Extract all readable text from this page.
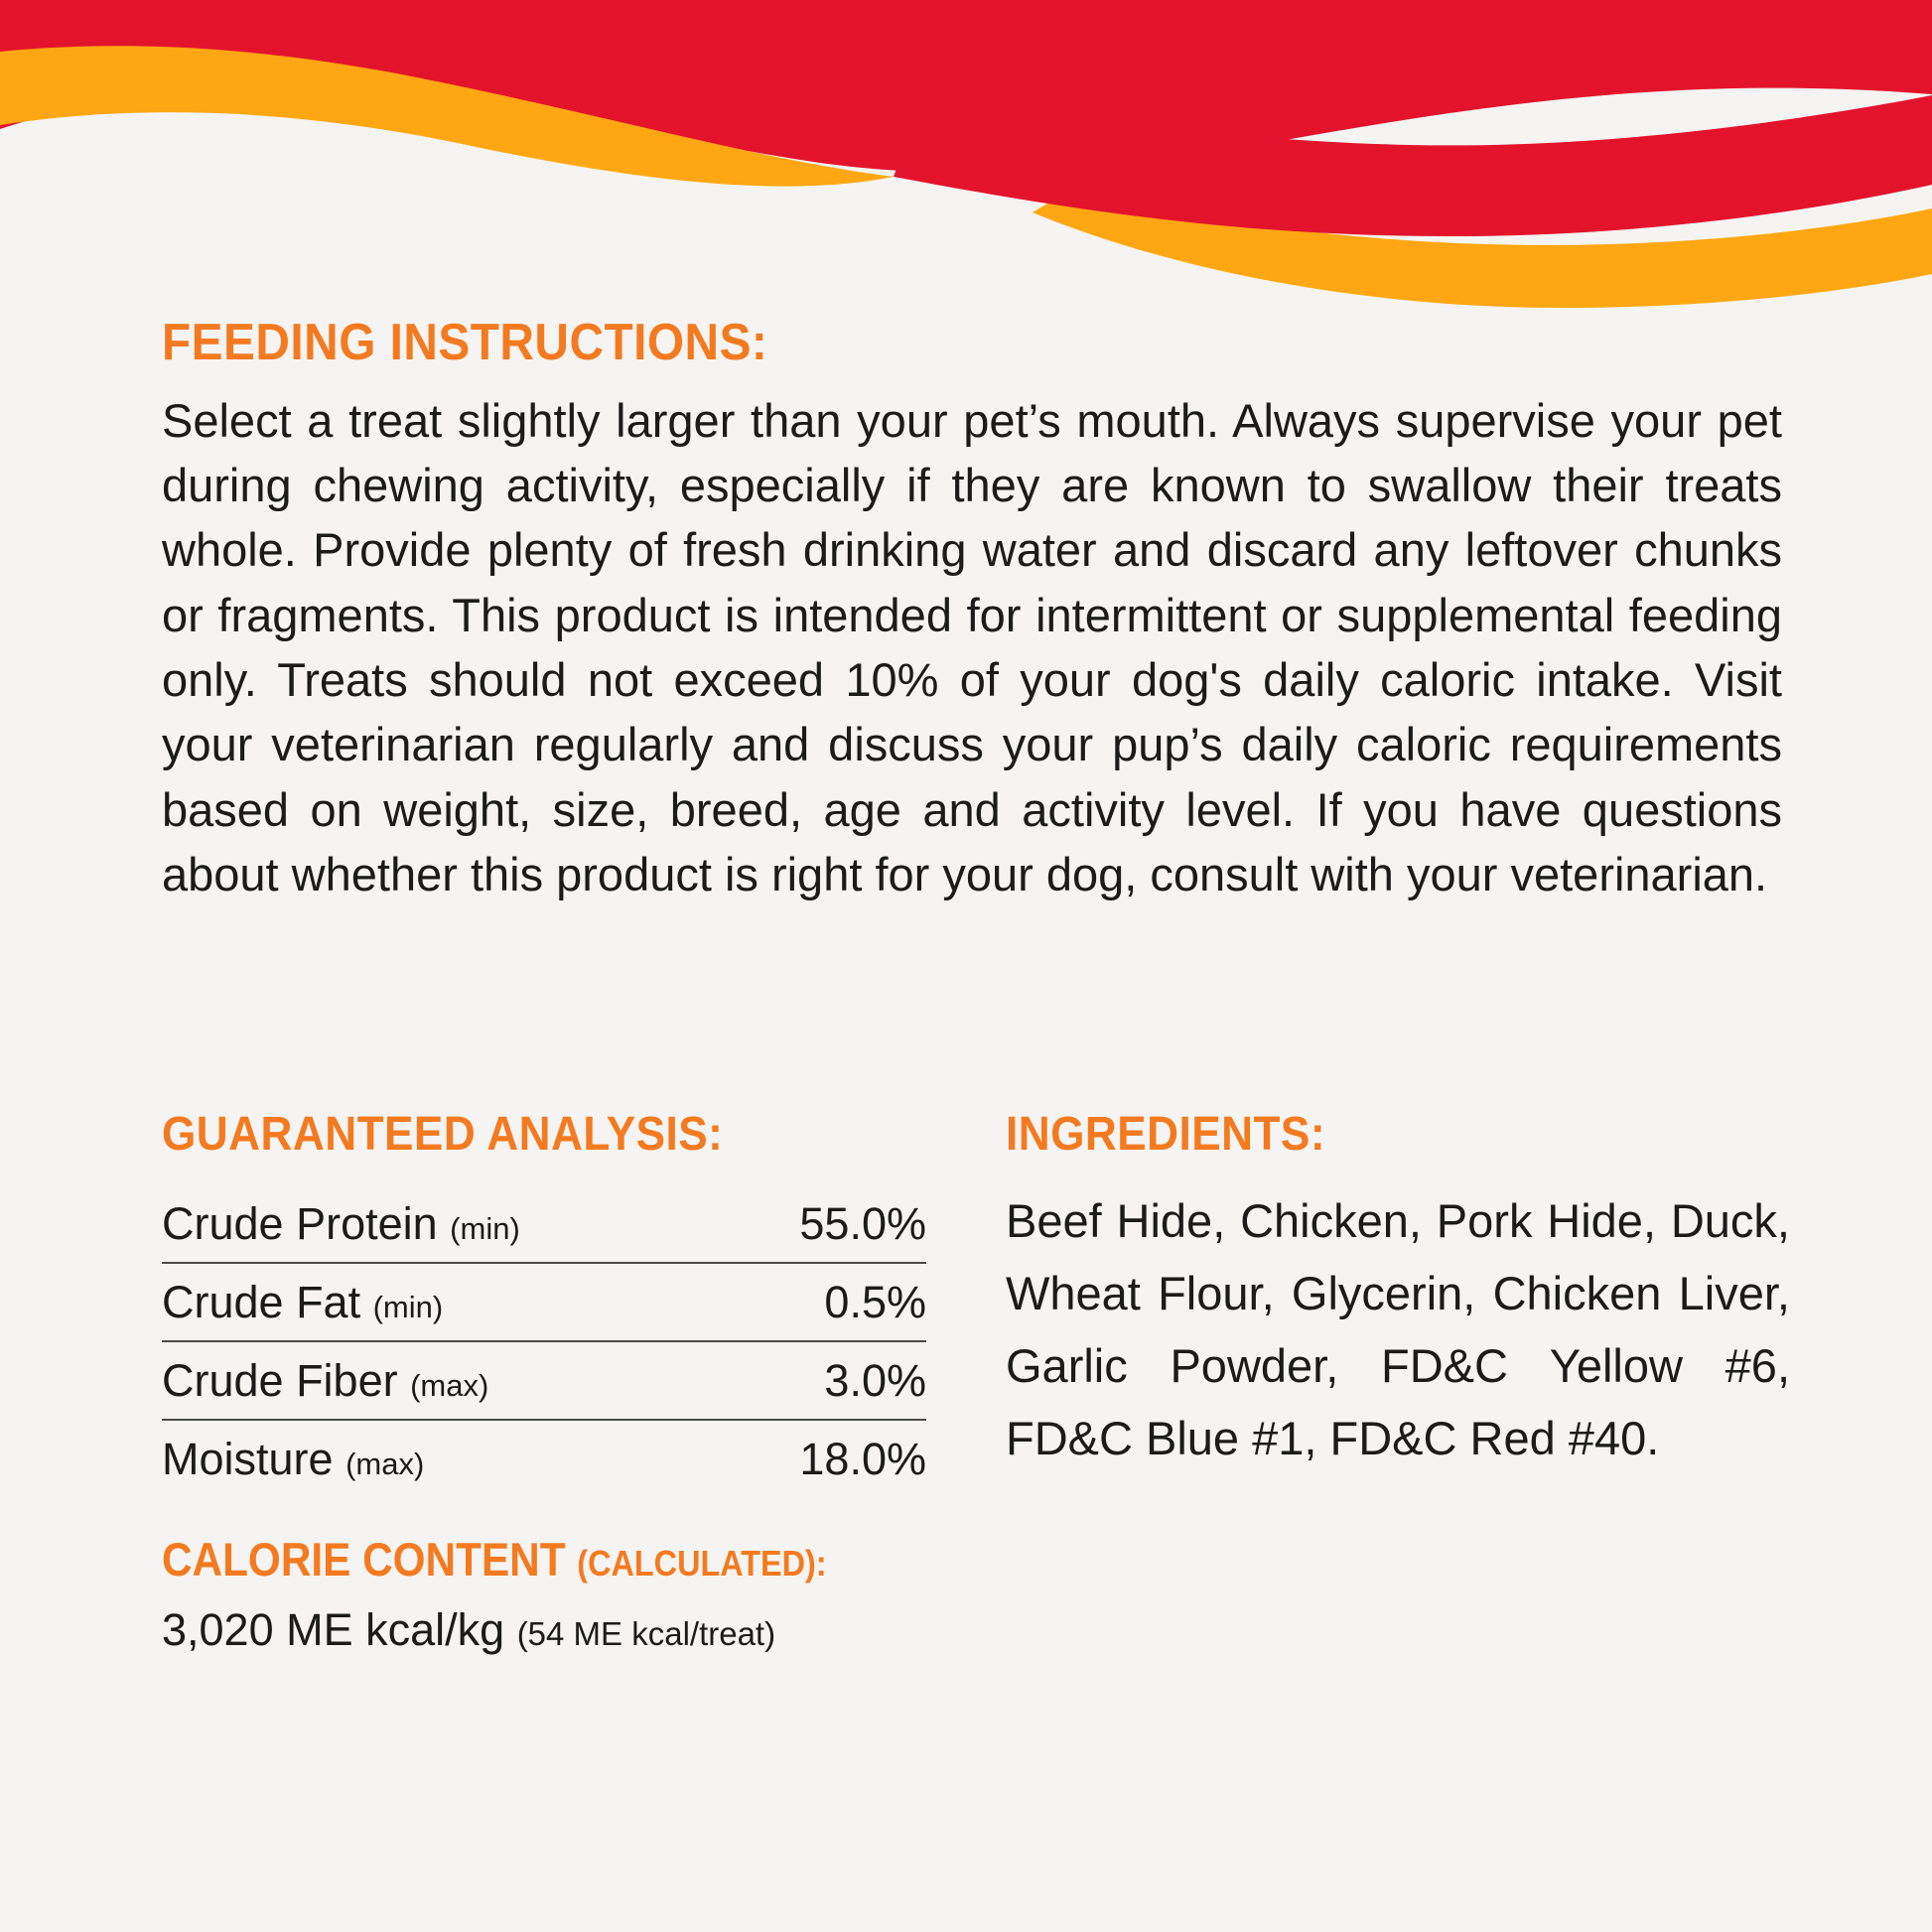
FEEDING INSTRUCTIONS:
Select a treat slightly larger than your pet’s mouth. Always supervise your pet during chewing activity, especially if they are known to swallow their treats whole. Provide plenty of fresh drinking water and discard any leftover chunks or fragments. This product is intended for intermittent or supplemental feeding only. Treats should not exceed 10% of your dog's daily caloric intake. Visit your veterinarian regularly and discuss your pup’s daily caloric requirements based on weight, size, breed, age and activity level. If you have questions about whether this product is right for your dog, consult with your veterinarian.
GUARANTEED ANALYSIS:
Crude Protein (min)	55.0%
Crude Fat (min)	0.5%
Crude Fiber (max)	3.0%
Moisture (max)	18.0%
CALORIE CONTENT (CALCULATED):
3,020 ME kcal/kg (54 ME kcal/treat)
INGREDIENTS:
Beef Hide, Chicken, Pork Hide, Duck, Wheat Flour, Glycerin, Chicken Liver, Garlic Powder, FD&C Yellow #6, FD&C Blue #1, FD&C Red #40.
